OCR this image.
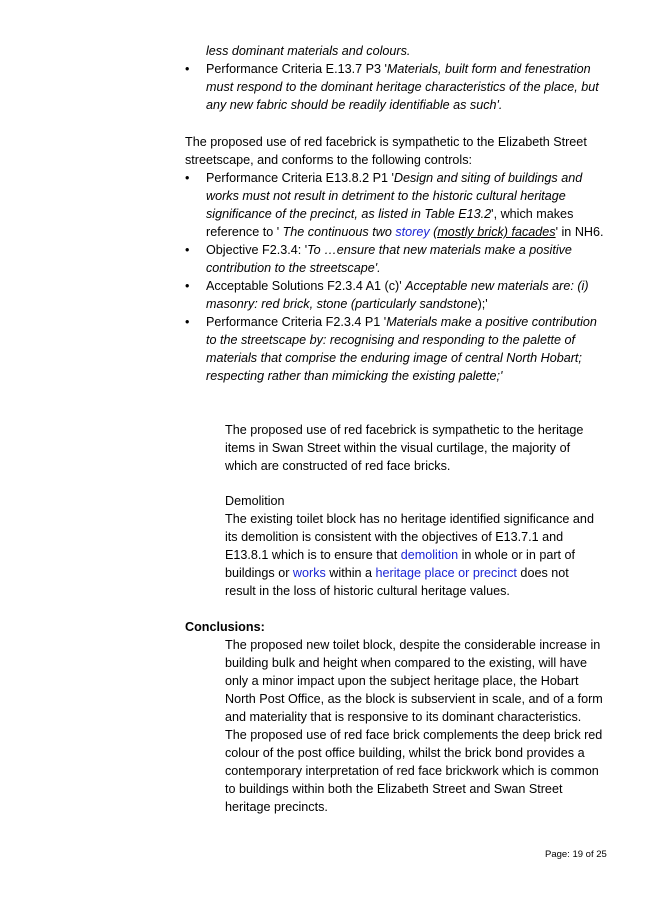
less dominant materials and colours.

• Performance Criteria E.13.7 P3 'Materials, built form and fenestration must respond to the dominant heritage characteristics of the place, but any new fabric should be readily identifiable as such'.

The proposed use of red facebrick is sympathetic to the Elizabeth Street streetscape, and conforms to the following controls:

• Performance Criteria E13.8.2 P1 'Design and siting of buildings and works must not result in detriment to the historic cultural heritage significance of the precinct, as listed in Table E13.2', which makes reference to ' The continuous two storey (mostly brick) facades' in NH6.

• Objective F2.3.4: 'To …ensure that new materials make a positive contribution to the streetscape'.

• Acceptable Solutions F2.3.4 A1 (c)' Acceptable new materials are: (i) masonry: red brick, stone (particularly sandstone);'

• Performance Criteria F2.3.4 P1 'Materials make a positive contribution to the streetscape by: recognising and responding to the palette of materials that comprise the enduring image of central North Hobart; respecting rather than mimicking the existing palette;'

The proposed use of red facebrick is sympathetic to the heritage items in Swan Street within the visual curtilage, the majority of which are constructed of red face bricks.

Demolition

The existing toilet block has no heritage identified significance and its demolition is consistent with the objectives of E13.7.1 and E13.8.1 which is to ensure that demolition in whole or in part of buildings or works within a heritage place or precinct does not result in the loss of historic cultural heritage values.

Conclusions:

The proposed new toilet block, despite the considerable increase in building bulk and height when compared to the existing, will have only a minor impact upon the subject heritage place, the Hobart North Post Office, as the block is subservient in scale, and of a form and materiality that is responsive to its dominant characteristics. The proposed use of red face brick complements the deep brick red colour of the post office building, whilst the brick bond provides a contemporary interpretation of red face brickwork which is common to buildings within both the Elizabeth Street and Swan Street heritage precincts.

Page: 19 of 25
